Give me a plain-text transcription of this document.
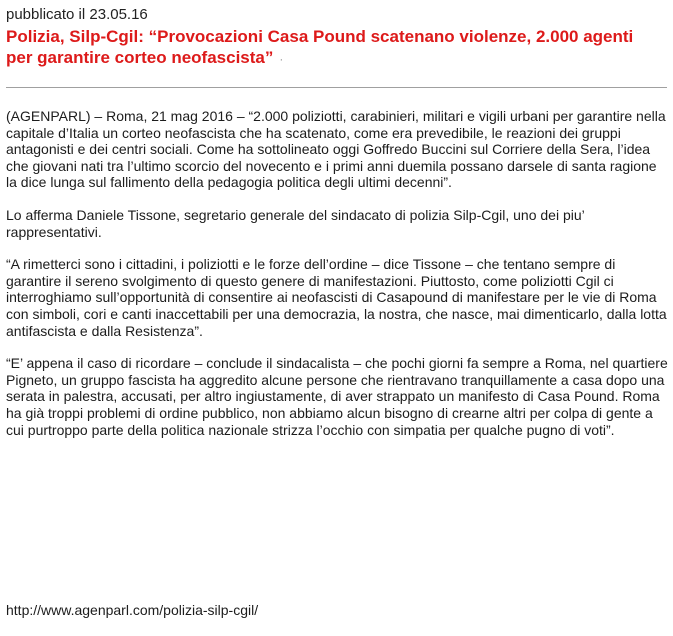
pubblicato il 23.05.16
Polizia, Silp-Cgil: “Provocazioni Casa Pound scatenano violenze, 2.000 agenti per garantire corteo neofascista” ·

(AGENPARL) – Roma, 21 mag 2016 – “2.000 poliziotti, carabinieri, militari e vigili urbani per garantire nella capitale d’Italia un corteo neofascista che ha scatenato, come era prevedibile, le reazioni dei gruppi antagonisti e dei centri sociali. Come ha sottolineato oggi Goffredo Buccini sul Corriere della Sera, l’idea che giovani nati tra l’ultimo scorcio del novecento e i primi anni duemila possano darsele di santa ragione la dice lunga sul fallimento della pedagogia politica degli ultimi decenni”.

Lo afferma Daniele Tissone, segretario generale del sindacato di polizia Silp-Cgil, uno dei piu’ rappresentativi.

“A rimetterci sono i cittadini, i poliziotti e le forze dell’ordine – dice Tissone – che tentano sempre di garantire il sereno svolgimento di questo genere di manifestazioni. Piuttosto, come poliziotti Cgil ci interroghiamo sull’opportunità di consentire ai neofascisti di Casapound di manifestare per le vie di Roma con simboli, cori e canti inaccettabili per una democrazia, la nostra, che nasce, mai dimenticarlo, dalla lotta antifascista e dalla Resistenza”.

“E’ appena il caso di ricordare – conclude il sindacalista – che pochi giorni fa sempre a Roma, nel quartiere Pigneto, un gruppo fascista ha aggredito alcune persone che rientravano tranquillamente a casa dopo una serata in palestra, accusati, per altro ingiustamente, di aver strappato un manifesto di Casa Pound. Roma ha già troppi problemi di ordine pubblico, non abbiamo alcun bisogno di crearne altri per colpa di gente a cui purtroppo parte della politica nazionale strizza l’occhio con simpatia per qualche pugno di voti”.

http://www.agenparl.com/polizia-silp-cgil/
